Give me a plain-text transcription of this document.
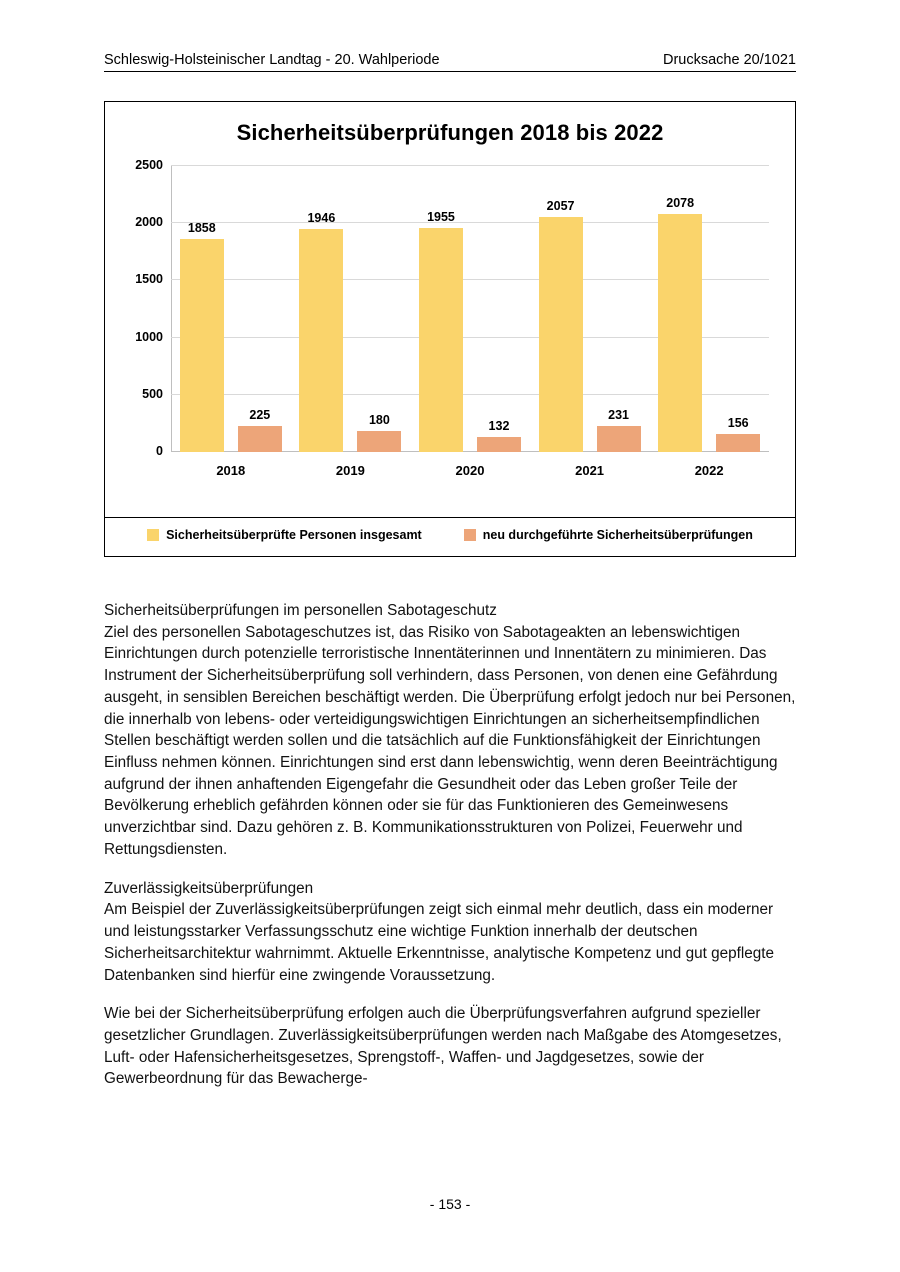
Schleswig-Holsteinischer Landtag - 20. Wahlperiode	Drucksache 20/1021
Sicherheitsüberprüfungen 2018 bis 2022
0
500
1000
1500
2000
2500
1858
225
1946
180
1955
132
2057
231
2078
156
2018	2019	2020	2021	2022
Sicherheitsüberprüfte Personen insgesamt	neu durchgeführte Sicherheitsüberprüfungen

Sicherheitsüberprüfungen im personellen Sabotageschutz

Ziel des personellen Sabotageschutzes ist, das Risiko von Sabotageakten an lebenswichtigen Einrichtungen durch potenzielle terroristische Innentäterinnen und Innentätern zu minimieren. Das Instrument der Sicherheitsüberprüfung soll verhindern, dass Personen, von denen eine Gefährdung ausgeht, in sensiblen Bereichen beschäftigt werden. Die Überprüfung erfolgt jedoch nur bei Personen, die innerhalb von lebens- oder verteidigungswichtigen Einrichtungen an sicherheitsempfindlichen Stellen beschäftigt werden sollen und die tatsächlich auf die Funktionsfähigkeit der Einrichtungen Einfluss nehmen können. Einrichtungen sind erst dann lebenswichtig, wenn deren Beeinträchtigung aufgrund der ihnen anhaftenden Eigengefahr die Gesundheit oder das Leben großer Teile der Bevölkerung erheblich gefährden können oder sie für das Funktionieren des Gemeinwesens unverzichtbar sind. Dazu gehören z. B. Kommunikationsstrukturen von Polizei, Feuerwehr und Rettungsdiensten.

Zuverlässigkeitsüberprüfungen

Am Beispiel der Zuverlässigkeitsüberprüfungen zeigt sich einmal mehr deutlich, dass ein moderner und leistungsstarker Verfassungsschutz eine wichtige Funktion innerhalb der deutschen Sicherheitsarchitektur wahrnimmt. Aktuelle Erkenntnisse, analytische Kompetenz und gut gepflegte Datenbanken sind hierfür eine zwingende Voraussetzung.

Wie bei der Sicherheitsüberprüfung erfolgen auch die Überprüfungsverfahren aufgrund spezieller gesetzlicher Grundlagen. Zuverlässigkeitsüberprüfungen werden nach Maßgabe des Atomgesetzes, Luft- oder Hafensicherheitsgesetzes, Sprengstoff-, Waffen- und Jagdgesetzes, sowie der Gewerbeordnung für das Bewacherge-

- 153 -
